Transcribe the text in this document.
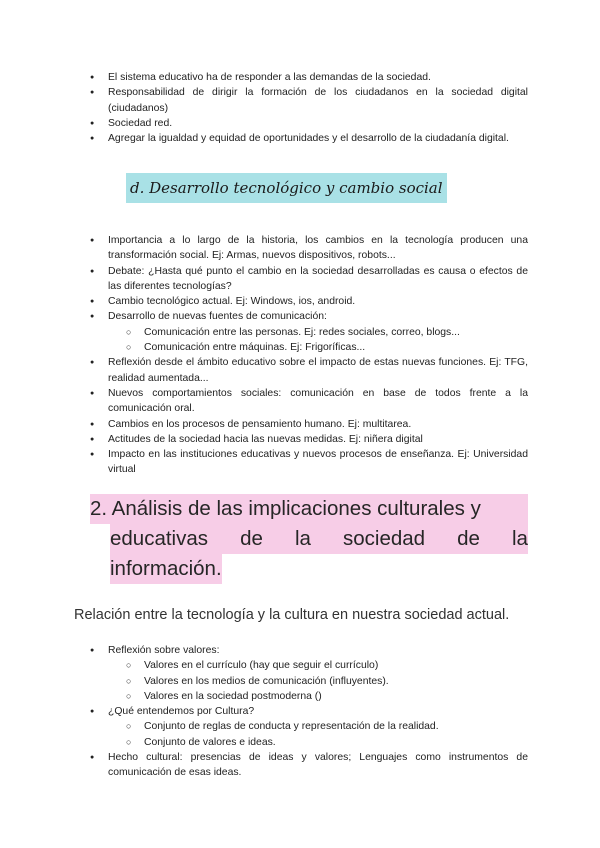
● El sistema educativo ha de responder a las demandas de la sociedad.
● Responsabilidad de dirigir la formación de los ciudadanos en la sociedad digital (ciudadanos)
● Sociedad red.
● Agregar la igualdad y equidad de oportunidades y el desarrollo de la ciudadanía digital.
d. Desarrollo tecnológico y cambio social
● Importancia a lo largo de la historia, los cambios en la tecnología producen una transformación social. Ej: Armas, nuevos dispositivos, robots...
● Debate: ¿Hasta qué punto el cambio en la sociedad desarrolladas es causa o efectos de las diferentes tecnologías?
● Cambio tecnológico actual. Ej: Windows, ios, android.
● Desarrollo de nuevas fuentes de comunicación:
○ Comunicación entre las personas. Ej: redes sociales, correo, blogs...
○ Comunicación entre máquinas. Ej: Frigoríficas...
● Reflexión desde el ámbito educativo sobre el impacto de estas nuevas funciones. Ej: TFG, realidad aumentada...
● Nuevos comportamientos sociales: comunicación en base de todos frente a la comunicación oral.
● Cambios en los procesos de pensamiento humano. Ej: multitarea.
● Actitudes de la sociedad hacia las nuevas medidas. Ej: niñera digital
● Impacto en las instituciones educativas y nuevos procesos de enseñanza. Ej: Universidad virtual
2. Análisis de las implicaciones culturales y
educativas de la sociedad de la
información.
Relación entre la tecnología y la cultura en nuestra sociedad actual.
● Reflexión sobre valores:
○ Valores en el currículo (hay que seguir el currículo)
○ Valores en los medios de comunicación (influyentes).
○ Valores en la sociedad postmoderna ()
● ¿Qué entendemos por Cultura?
○ Conjunto de reglas de conducta y representación de la realidad.
○ Conjunto de valores e ideas.
● Hecho cultural: presencias de ideas y valores; Lenguajes como instrumentos de comunicación de esas ideas.
